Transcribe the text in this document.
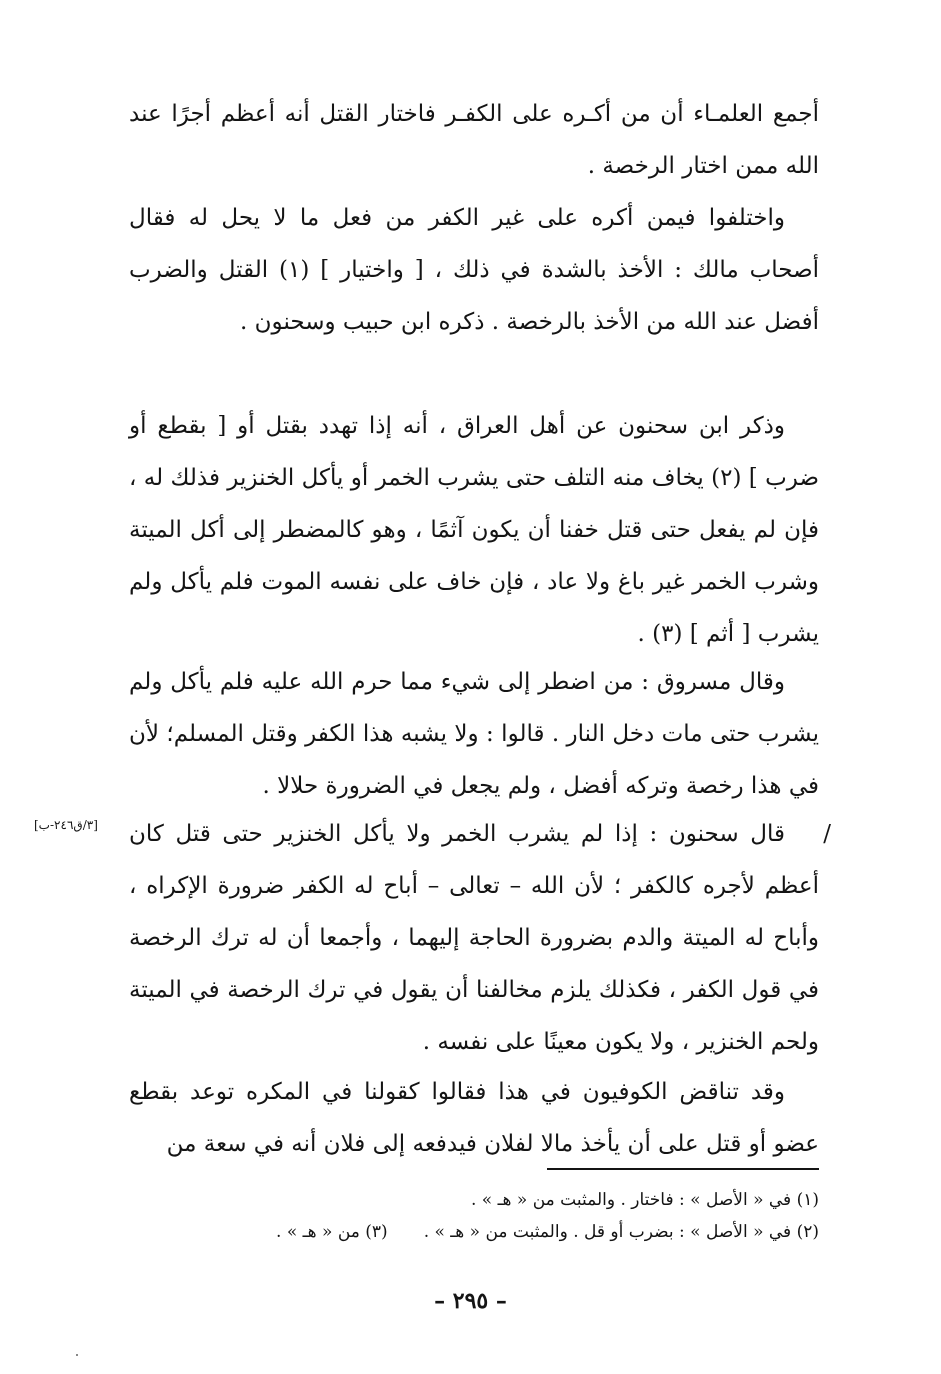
أجمع العلمـاء أن من أكـره على الكفـر فاختار القتل أنه أعظم أجرًا عند الله ممن اختار الرخصة .

واختلفوا فيمن أكره على غير الكفر من فعل ما لا يحل له فقال أصحاب مالك : الأخذ بالشدة في ذلك ، [ واختيار ] (١) القتل والضرب أفضل عند الله من الأخذ بالرخصة . ذكره ابن حبيب وسحنون .

وذكر ابن سحنون عن أهل العراق ، أنه إذا تهدد بقتل أو [ بقطع أو ضرب ] (٢) يخاف منه التلف حتى يشرب الخمر أو يأكل الخنزير فذلك له ، فإن لم يفعل حتى قتل خفنا أن يكون آثمًا ، وهو كالمضطر إلى أكل الميتة وشرب الخمر غير باغ ولا عاد ، فإن خاف على نفسه الموت فلم يأكل ولم يشرب [ أثم ] (٣) .

وقال مسروق : من اضطر إلى شيء مما حرم الله عليه فلم يأكل ولم يشرب حتى مات دخل النار . قالوا : ولا يشبه هذا الكفر وقتل المسلم؛ لأن في هذا رخصة وتركه أفضل ، ولم يجعل في الضرورة حلالا .

/

قال سحنون : إذا لم يشرب الخمر ولا يأكل الخنزير حتى قتل كان أعظم لأجره كالكفر ؛ لأن الله – تعالى – أباح له الكفر ضرورة الإكراه ، وأباح له الميتة والدم بضرورة الحاجة إليهما ، وأجمعا أن له ترك الرخصة في قول الكفر ، فكذلك يلزم مخالفنا أن يقول في ترك الرخصة في الميتة ولحم الخنزير ، ولا يكون معينًا على نفسه .

[٣/ق٢٤٦-ب]

وقد تناقض الكوفيون في هذا فقالوا كقولنا في المكره توعد بقطع عضو أو قتل على أن يأخذ مالا لفلان فيدفعه إلى فلان أنه في سعة من

(١) في « الأصل » : فاختار . والمثبت من « هـ » .

(٢) في « الأصل » : بضرب أو قل . والمثبت من « هـ » .(٣) من « هـ » .

– ٢٩٥ –
